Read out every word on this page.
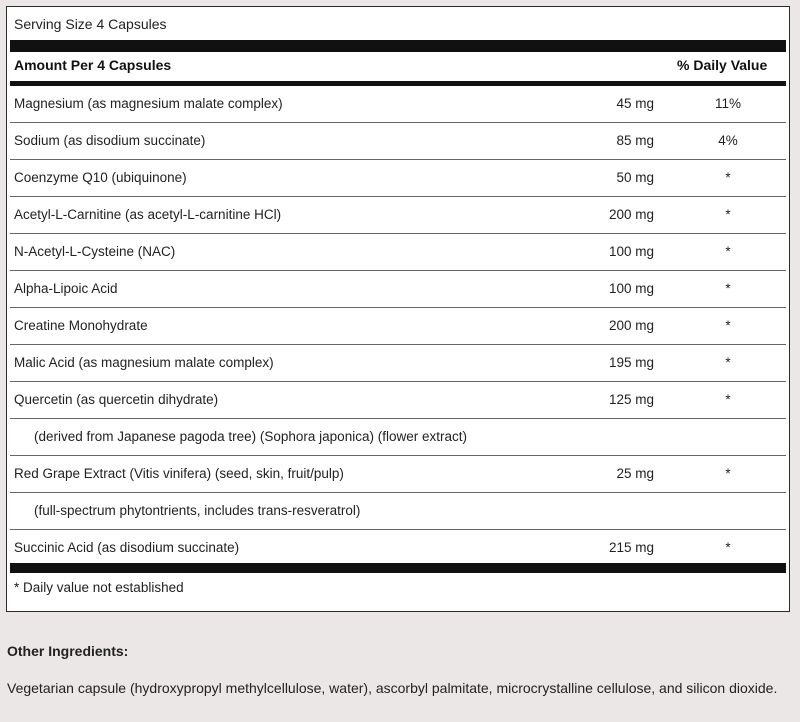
Serving Size 4 Capsules
Amount Per 4 Capsules	% Daily Value
Magnesium (as magnesium malate complex)	45 mg	11%
Sodium (as disodium succinate)	85 mg	4%
Coenzyme Q10 (ubiquinone)	50 mg	*
Acetyl-L-Carnitine (as acetyl-L-carnitine HCl)	200 mg	*
N-Acetyl-L-Cysteine (NAC)	100 mg	*
Alpha-Lipoic Acid	100 mg	*
Creatine Monohydrate	200 mg	*
Malic Acid (as magnesium malate complex)	195 mg	*
Quercetin (as quercetin dihydrate)	125 mg	*
(derived from Japanese pagoda tree) (Sophora japonica) (flower extract)
Red Grape Extract (Vitis vinifera) (seed, skin, fruit/pulp)	25 mg	*
(full-spectrum phytontrients, includes trans-resveratrol)
Succinic Acid (as disodium succinate)	215 mg	*
* Daily value not established
Other Ingredients:
Vegetarian capsule (hydroxypropyl methylcellulose, water), ascorbyl palmitate, microcrystalline cellulose, and silicon dioxide.
